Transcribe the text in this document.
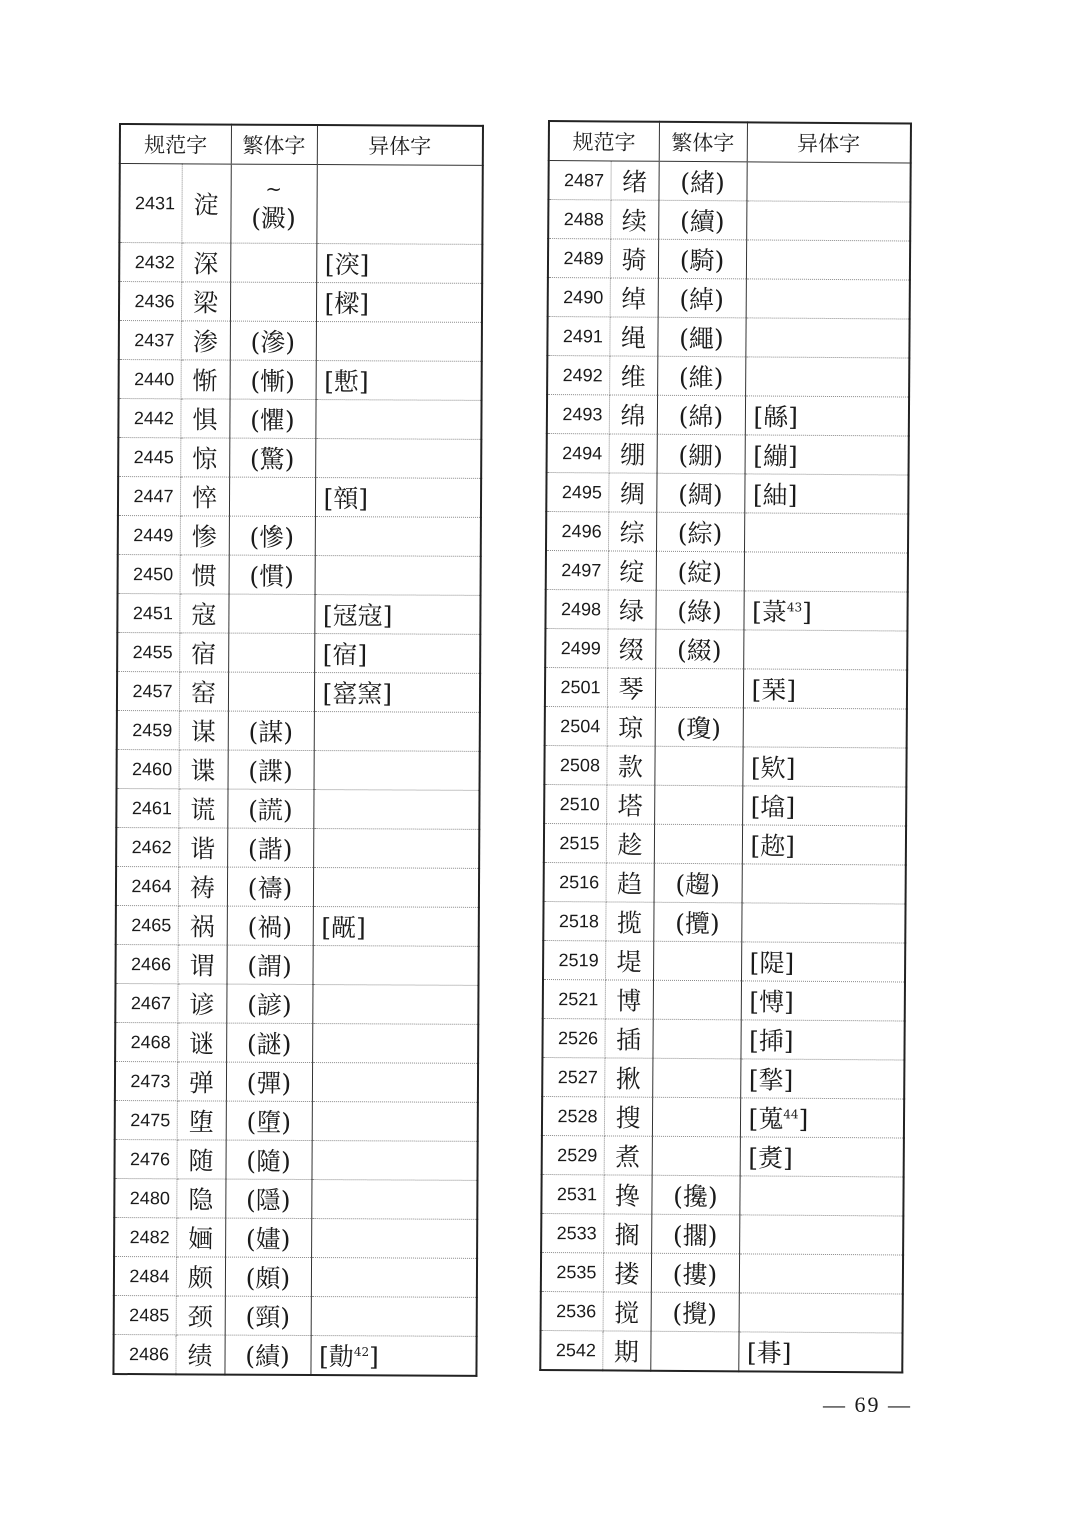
规范字		繁体字	异体字
2431	淀	~
(澱)	

2432	深		[湥]
2436	梁		[樑]
2437	渗	(滲)	

2440	惭	(慚)	[慙]
2442	惧	(懼)	

2445	惊	(驚)	

2447	悴		[顇]
2449	惨	(慘)	

2450	惯	(慣)	

2451	寇		[冦寇]
2455	宿		[宿]
2457	窑		[窰窯]
2459	谋	(謀)	

2460	谍	(諜)	

2461	谎	(謊)	

2462	谐	(諧)	

2464	祷	(禱)	

2465	祸	(禍)	[旤]
2466	谓	(謂)	

2467	谚	(諺)	

2468	谜	(謎)	

2473	弹	(彈)	

2475	堕	(墮)	

2476	随	(隨)	

2480	隐	(隱)	

2482	婳	(嫿)	

2484	颇	(頗)	

2485	颈	(頸)	

2486	绩	(績)	[勣$^{42}$]
规范字		繁体字	异体字
2487	绪	(緒)	

2488	续	(續)	

2489	骑	(騎)	

2490	绰	(綽)	

2491	绳	(繩)	

2492	维	(維)	

2493	绵	(綿)	[緜]
2494	绷	(綳)	[繃]
2495	绸	(綢)	[紬]
2496	综	(綜)	

2497	绽	(綻)	

2498	绿	(綠)	[菉$^{43}$]
2499	缀	(綴)	

2501	琴		[琹]
2504	琼	(瓊)	

2508	款		[欵]
2510	塔		[墖]
2515	趁		[趂]
2516	趋	(趨)	

2518	揽	(攬)	

2519	堤		[隄]
2521	博		[愽]
2526	插		[揷]
2527	揪		[揫]
2528	搜		[蒐$^{44}$]
2529	煮		[煑]
2531	搀	(攙)	

2533	搁	(擱)	

2535	搂	(摟)	

2536	搅	(攪)	

2542	期		[朞]
— 69 —
